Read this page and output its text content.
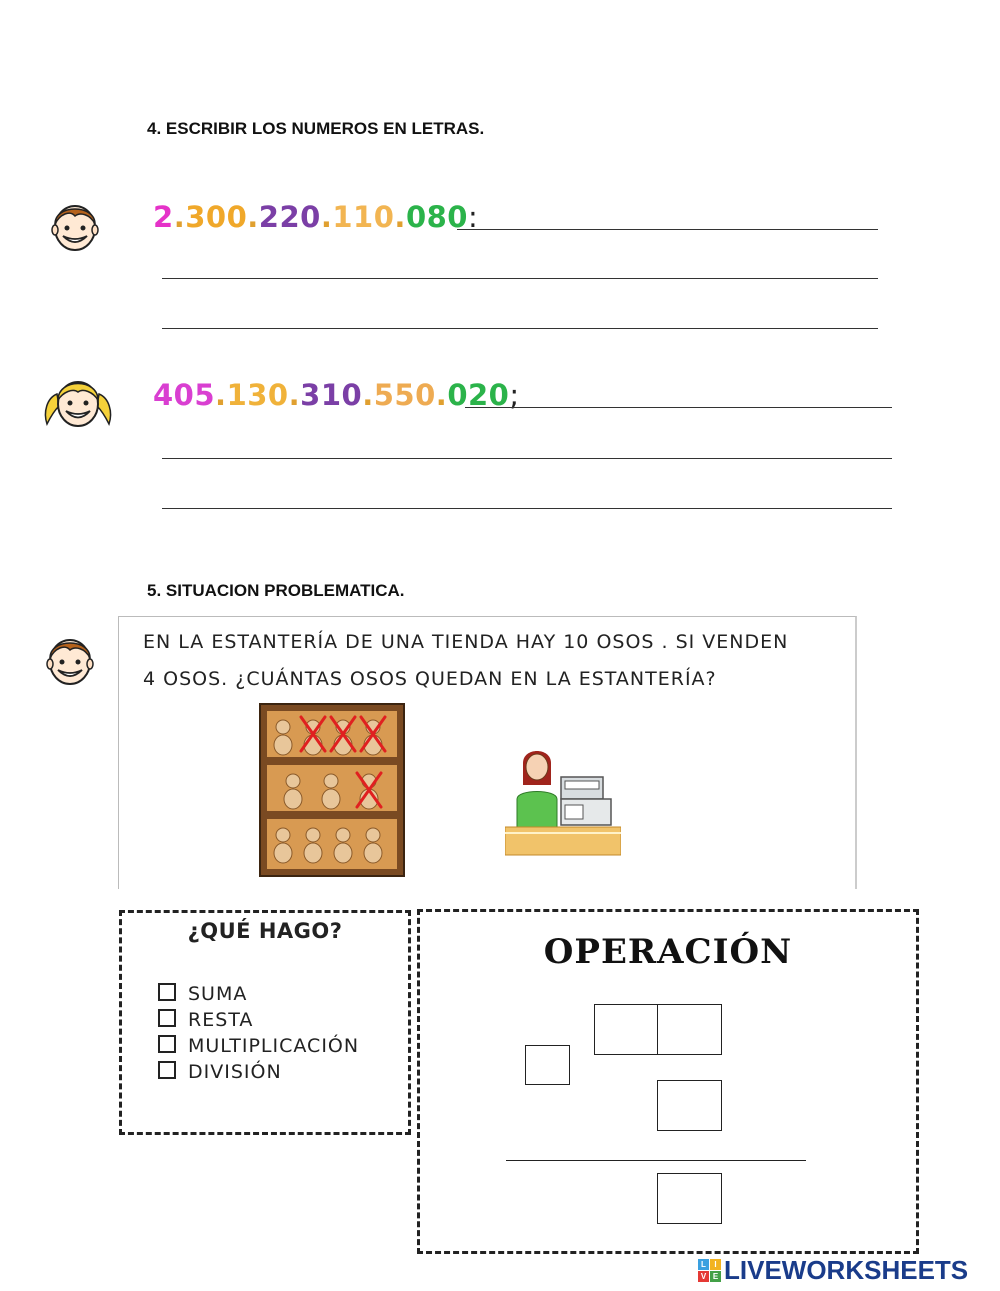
4. ESCRIBIR LOS NUMEROS EN LETRAS.
2.300.220.110.080:
405.130.310.550.020;
5. SITUACION PROBLEMATICA.
EN LA ESTANTERÍA DE UNA TIENDA HAY 10 OSOS . SI VENDEN
4 OSOS. ¿CUÁNTAS OSOS QUEDAN EN LA ESTANTERÍA?
¿QUÉ HAGO?
SUMA
RESTA
MULTIPLICACIÓN
DIVISIÓN
OPERACIÓN
L	I
V E LIVEWORKSHEETS
